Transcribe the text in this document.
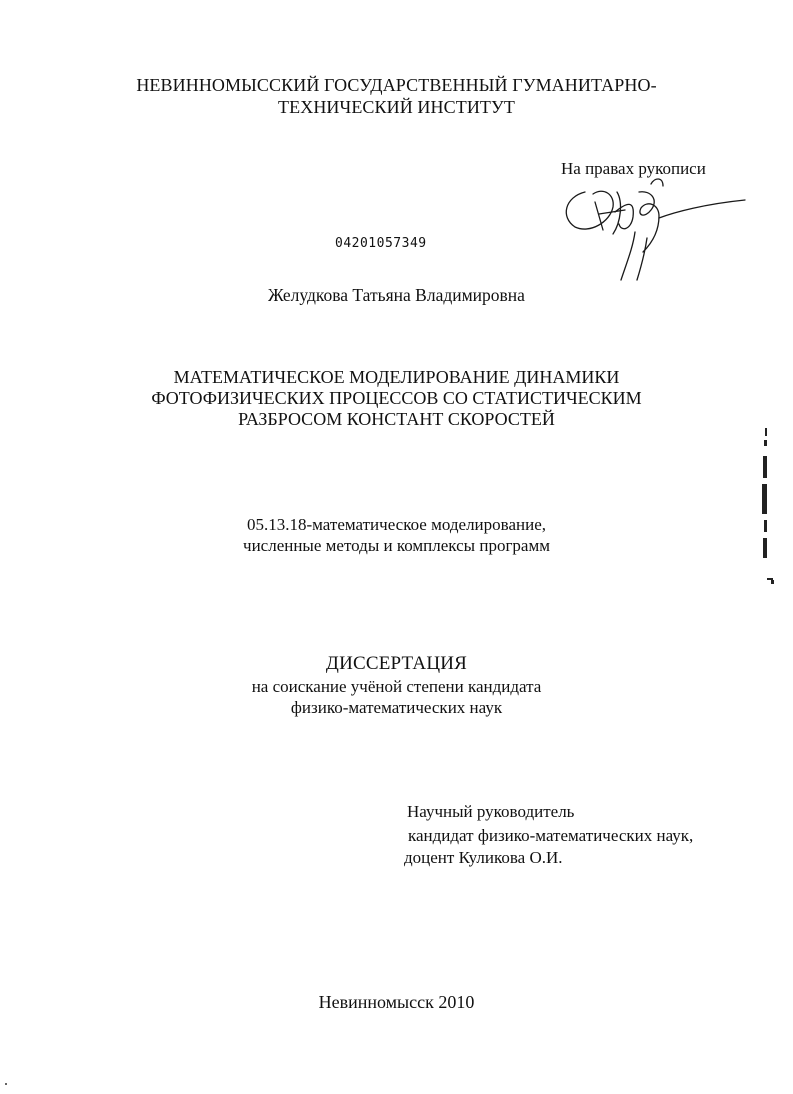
НЕВИННОМЫССКИЙ ГОСУДАРСТВЕННЫЙ ГУМАНИТАРНО-
ТЕХНИЧЕСКИЙ ИНСТИТУТ
На правах рукописи
04201057349
Желудкова Татьяна Владимировна
МАТЕМАТИЧЕСКОЕ МОДЕЛИРОВАНИЕ ДИНАМИКИ
ФОТОФИЗИЧЕСКИХ ПРОЦЕССОВ СО СТАТИСТИЧЕСКИМ
РАЗБРОСОМ КОНСТАНТ СКОРОСТЕЙ
05.13.18-математическое моделирование,
численные методы и комплексы программ
ДИССЕРТАЦИЯ
на соискание учёной степени кандидата
физико-математических наук
Научный руководитель
кандидат физико-математических наук,
доцент Куликова О.И.
Невинномысск 2010
